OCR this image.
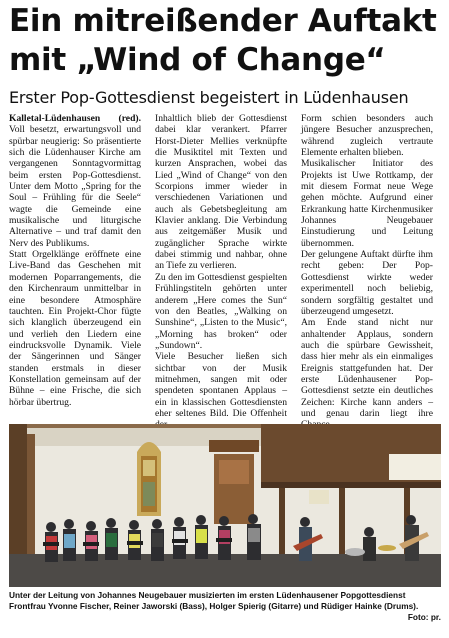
Ein mitreißender Auftakt
mit „Wind of Change“
Erster Pop-Gottesdienst begeistert in Lüdenhausen

Kalletal-Lüdenhausen (red). Voll besetzt, erwartungsvoll und spürbar neugierig: So präsentierte sich die Lüdenhauser Kirche am vergangenen Sonntagvormittag beim ersten Pop-Gottesdienst. Unter dem Motto „Spring for the Soul – Frühling für die Seele“ wagte die Gemeinde eine musikalische und liturgische Alternative – und traf damit den Nerv des Publikums.

Statt Orgelklänge eröffnete eine Live-Band das Geschehen mit modernen Poparrangements, die den Kirchenraum unmittelbar in eine besondere Atmosphäre tauchten. Ein Projekt-Chor fügte sich klanglich überzeugend ein und verlieh den Liedern eine eindrucksvolle Dynamik. Viele der Sängerinnen und Sänger standen erstmals in dieser Konstellation gemeinsam auf der Bühne – eine Frische, die sich hörbar übertrug.

Inhaltlich blieb der Gottesdienst dabei klar verankert. Pfarrer Horst-Dieter Mellies verknüpfte die Musiktitel mit Texten und kurzen Ansprachen, wobei das Lied „Wind of Change“ von den Scorpions immer wieder in verschiedenen Variationen und auch als Gebetsbegleitung am Klavier anklang. Die Verbindung aus zeitgemäßer Musik und zugänglicher Sprache wirkte dabei stimmig und nahbar, ohne an Tiefe zu verlieren.

Zu den im Gottesdienst gespielten Frühlingstiteln gehörten unter anderem „Here comes the Sun“ von den Beatles, „Walking on Sunshine“, „Listen to the Music“, „Morning has broken“ oder „Sundown“.

Viele Besucher ließen sich sichtbar von der Musik mitnehmen, sangen mit oder spendeten spontanen Applaus – ein in klassischen Gottesdiensten eher seltenes Bild. Die Offenheit

Form schien besonders auch jüngere Besucher anzusprechen, während zugleich vertraute Elemente erhalten blieben.

Musikalischer Initiator des Projekts ist Uwe Rottkamp, der mit diesem Format neue Wege gehen möchte. Aufgrund einer Erkrankung hatte Kirchenmusiker Johannes Neugebauer Einstudierung und Leitung übernommen.

Der gelungene Auftakt dürfte ihm recht geben: Der Pop-Gottesdienst wirkte weder experimentell noch beliebig, sondern sorgfältig gestaltet und überzeugend umgesetzt.

Am Ende stand nicht nur anhaltender Applaus, sondern auch die spürbare Gewissheit, dass hier mehr als ein einmaliges Ereignis stattgefunden hat. Der erste Lüdenhausener Pop-Gottesdienst setzte ein deutliches Zeichen: Kirche kann anders – und genau darin liegt ihre

Unter der Leitung von Johannes Neugebauer musizierten im ersten Lüdenhausener Popgottesdienst
Frontfrau Yvonne Fischer, Reiner Jaworski (Bass), Holger Spierig (Gitarre) und Rüdiger Hainke (Drums).
Foto: pr.
